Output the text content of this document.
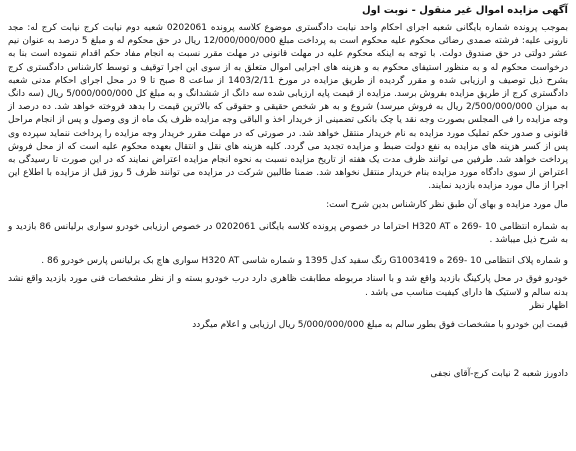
آگهی مزایده اموال غیر منقول - نوبت اول

بموجب پرونده شماره بایگانی شعبه اجرای احکام واحد نیابت دادگستری موضوع کلاسه پرونده 0202061 شعبه دوم نیابت کرج نیابت کرج له: مجد نارونی علیه: فرشته صمدی رضائی محکوم علیه محکوم است به پرداخت مبلغ 12/000/000/000 ریال در حق محکوم له و مبلغ 5 درصد به عنوان نیم عشر دولتی در حق صندوق دولت. با توجه به اینکه محکوم علیه در مهلت قانونی در مهلت مقرر نسبت به انجام مفاد حکم اقدام ننموده است بنا به درخواست محکوم له و به منظور استیفای محکوم به و هزینه های اجرایی اموال متعلق به از سوی این اجرا توقیف و توسط کارشناس دادگستری کرج بشرح ذیل توصیف و ارزیابی شده و مقرر گردیده از طریق مزایده در مورخ 1403/2/11 از ساعت 8 صبح تا 9 در محل اجرای احکام مدنی شعبه دادگستری کرج از طریق مزایده بفروش برسد. مزایده از قیمت پایه ارزیابی شده سه دانگ از ششدانگ و به مبلغ کل 5/000/000/000 ریال (سه دانگ به میزان 2/500/000/000 ریال به فروش میرسد) شروع و به هر شخص حقیقی و حقوقی که بالاترین قیمت را بدهد فروخته خواهد شد. ده درصد از وجه مزایده را فی المجلس بصورت وجه نقد یا چک بانکی تضمینی از خریدار اخذ و الباقی وجه مزایده ظرف یک ماه از وی وصول و پس از انجام مراحل قانونی و صدور حکم تملیک مورد مزایده به نام خریدار منتقل خواهد شد. در صورتی که در مهلت مقرر خریدار وجه مزایده را پرداخت ننماید سپرده وی پس از کسر هزینه های مزایده به نفع دولت ضبط و مزایده تجدید می گردد. کلیه هزینه های نقل و انتقال بعهده محکوم علیه است که از محل فروش پرداخت خواهد شد. طرفین می توانند ظرف مدت یک هفته از تاریخ مزایده نسبت به نحوه انجام مزایده اعتراض نمایند که در این صورت تا رسیدگی به اعتراض از سوی دادگاه مورد مزایده بنام خریدار منتقل نخواهد شد. ضمنا طالبین شرکت در مزایده می توانند ظرف 5 روز قبل از مزایده با اطلاع این اجرا از مال مورد مزایده بازدید نمایند.

مال مورد مزایده و بهای آن طبق نظر کارشناس بدین شرح است:

به شماره انتظامی 10 -269 ه H320 AT احتراما در خصوص پرونده کلاسه بایگانی 0202061 در خصوص ارزیابی خودرو سواری برلیانس 86 بازدید و به شرح ذیل میباشد .

و شماره پلاک انتظامی 10 -269 ه G1003419 رنگ سفید کدل 1395 و شماره شاسی H320 AT سواری هاچ بک برلیانس پارس خودرو 86 .

خودرو فوق در محل پارکینگ بازدید واقع شد و با اسناد مربوطه مطابقت ظاهری دارد درب خودرو بسته و از نظر مشخصات فنی مورد بازدید واقع نشد بدنه سالم و لاستیک ها دارای کیفیت مناسب می باشد .

اظهار نظر

قیمت این خودرو با مشخصات فوق بطور سالم به مبلغ 5/000/000/000 ریال ارزیابی و اعلام میگردد

دادورز شعبه 2 نیابت کرج-آقای نجفی
